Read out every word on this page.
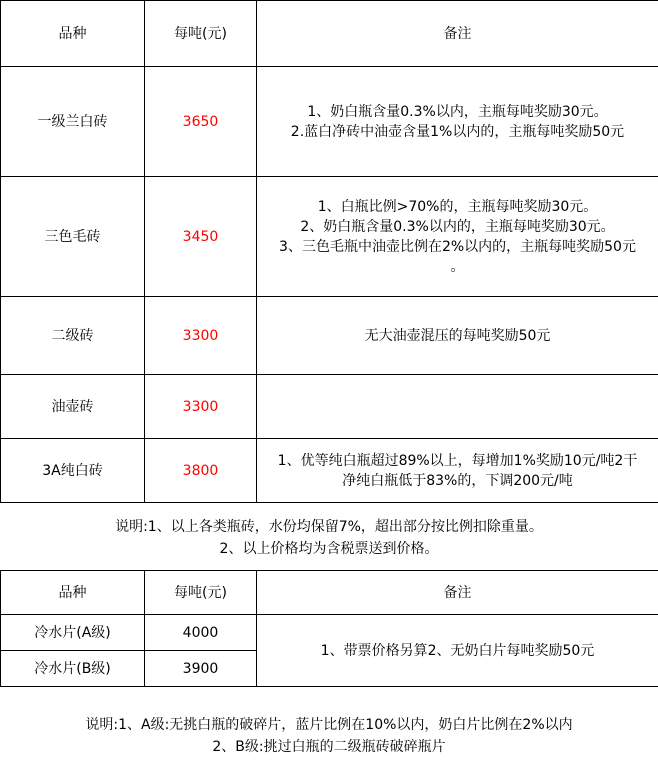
品种	每吨(元)	备注
一级兰白砖	3650	1、奶白瓶含量0.3%以内，主瓶每吨奖励30元。
2.蓝白净砖中油壶含量1%以内的，主瓶每吨奖励50元

三色毛砖	3450	1、白瓶比例>70%的，主瓶每吨奖励30元。
2、奶白瓶含量0.3%以内的，主瓶每吨奖励30元。
3、三色毛瓶中油壶比例在2%以内的，主瓶每吨奖励50元
。

二级砖	3300	无大油壶混压的每吨奖励50元

油壶砖	3300	
3A纯白砖	3800	1、优等纯白瓶超过89%以上，每增加1%奖励10元/吨2干
净纯白瓶低于83%的，下调200元/吨
说明:1、以上各类瓶砖，水份均保留7%，超出部分按比例扣除重量。
2、以上价格均为含税票送到价格。
品种	每吨(元)	备注
冷水片(A级)	4000	1、带票价格另算2、无奶白片每吨奖励50元
冷水片(B级)	3900	
说明:1、A级:无挑白瓶的破碎片，蓝片比例在10%以内，奶白片比例在2%以内
2、B级:挑过白瓶的二级瓶砖破碎瓶片
